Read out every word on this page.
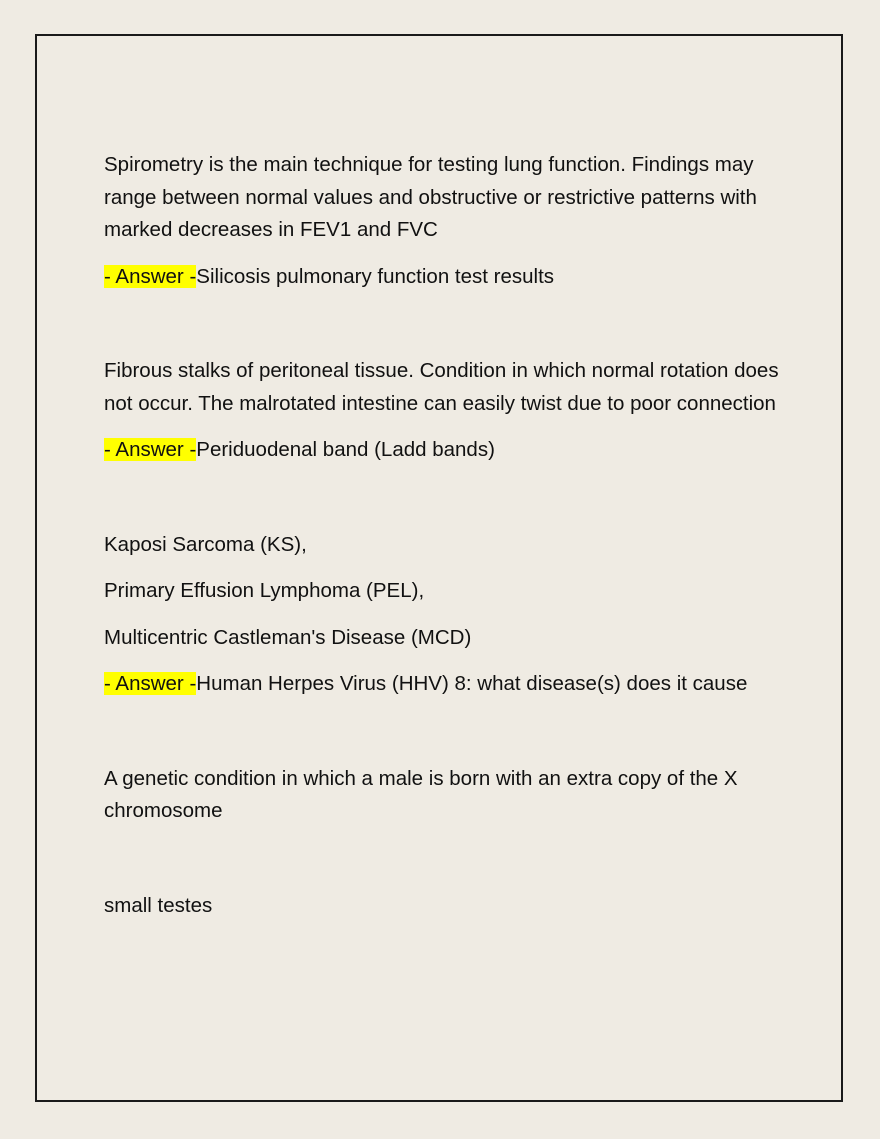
Spirometry is the main technique for testing lung function. Findings may range between normal values and obstructive or restrictive patterns with marked decreases in FEV1 and FVC

- Answer -Silicosis pulmonary function test results

Fibrous stalks of peritoneal tissue. Condition in which normal rotation does not occur. The malrotated intestine can easily twist due to poor connection

- Answer -Periduodenal band (Ladd bands)

Kaposi Sarcoma (KS),

Primary Effusion Lymphoma (PEL),

Multicentric Castleman's Disease (MCD)

- Answer -Human Herpes Virus (HHV) 8: what disease(s) does it cause

A genetic condition in which a male is born with an extra copy of the X chromosome

small testes
